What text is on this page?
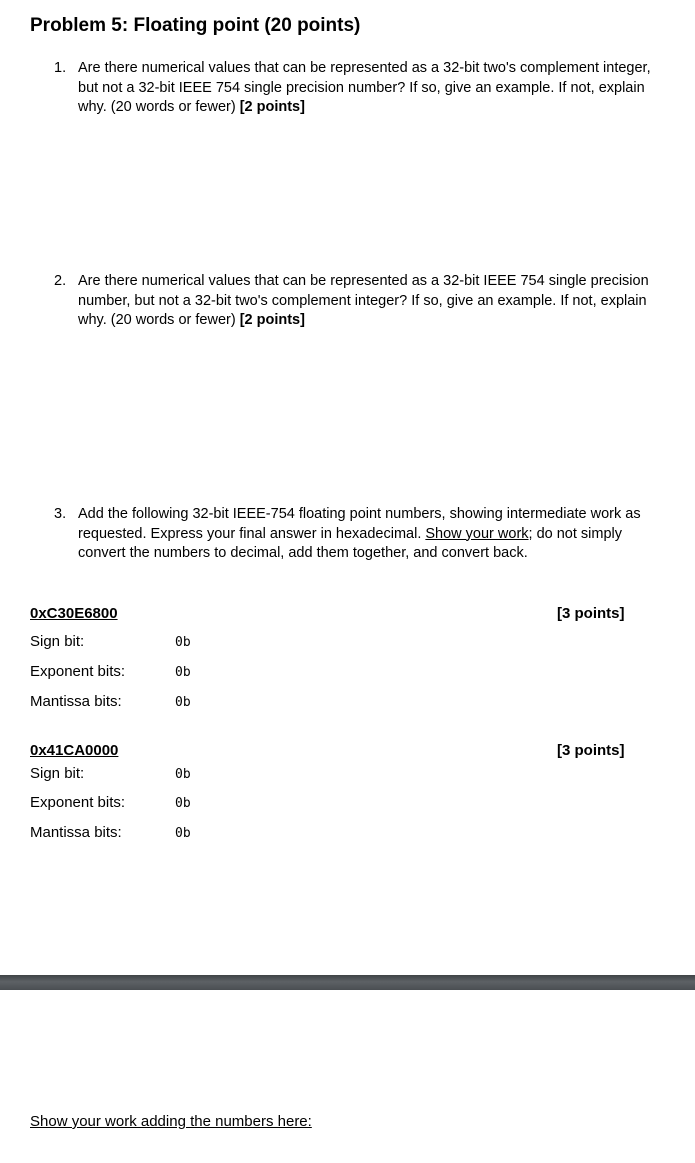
Problem 5: Floating point (20 points)
1. Are there numerical values that can be represented as a 32-bit two's complement integer, but not a 32-bit IEEE 754 single precision number? If so, give an example. If not, explain why. (20 words or fewer) [2 points]
2. Are there numerical values that can be represented as a 32-bit IEEE 754 single precision number, but not a 32-bit two's complement integer? If so, give an example. If not, explain why. (20 words or fewer) [2 points]
3. Add the following 32-bit IEEE-754 floating point numbers, showing intermediate work as requested. Express your final answer in hexadecimal. Show your work; do not simply convert the numbers to decimal, add them together, and convert back.
0xC30E6800	[3 points]
Sign bit:	0b
Exponent bits:	0b
Mantissa bits:	0b
0x41CA0000	[3 points]
Sign bit:	0b
Exponent bits:	0b
Mantissa bits:	0b
Show your work adding the numbers here:
